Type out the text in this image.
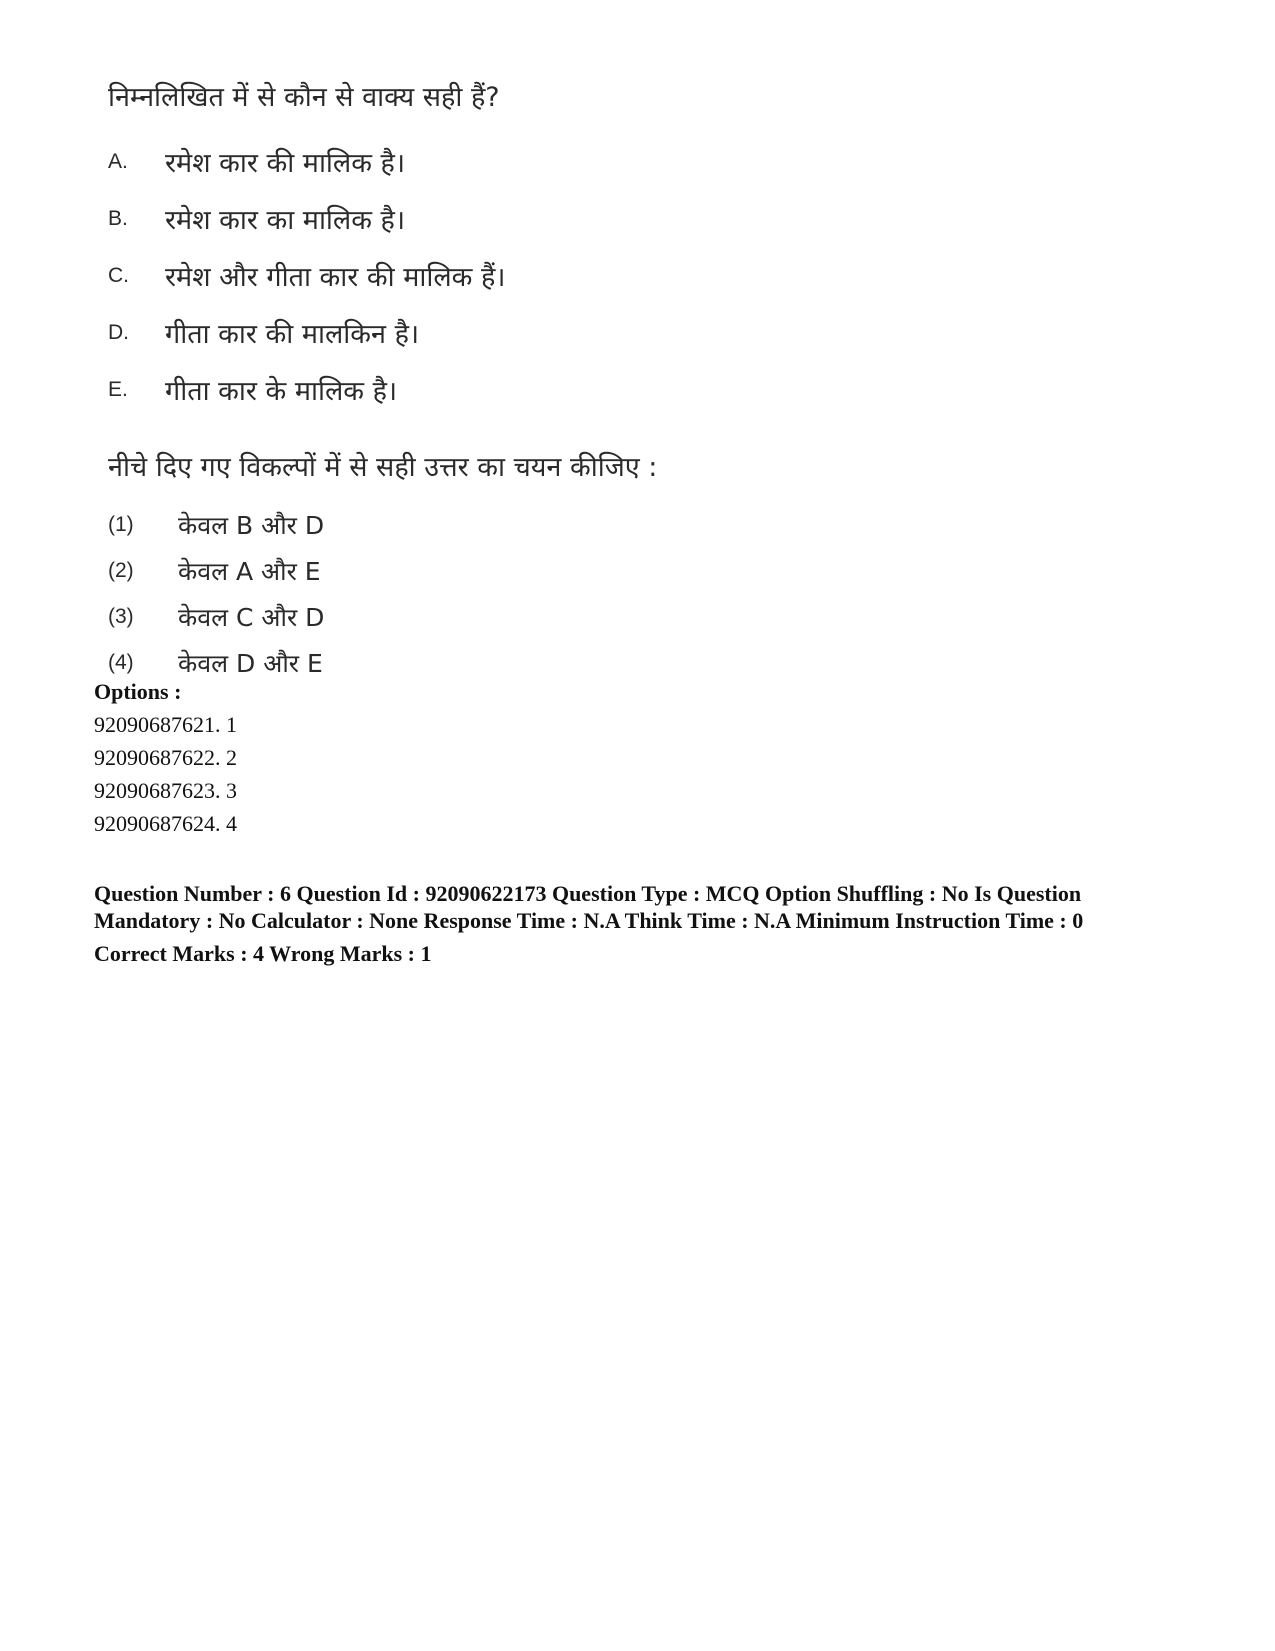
निम्नलिखित में से कौन से वाक्य सही हैं?

A.	रमेश कार की मालिक है।
B.	रमेश कार का मालिक है।
C.	रमेश और गीता कार की मालिक हैं।
D.	गीता कार की मालकिन है।
E.	गीता कार के मालिक है।

नीचे दिए गए विकल्पों में से सही उत्तर का चयन कीजिए :

(1)	केवल B और D
(2)	केवल A और E
(3)	केवल C और D
(4)	केवल D और E
Options :
92090687621. 1
92090687622. 2
92090687623. 3
92090687624. 4
Question Number : 6 Question Id : 92090622173 Question Type : MCQ Option Shuffling : No Is Question Mandatory : No Calculator : None Response Time : N.A Think Time : N.A Minimum Instruction Time : 0
Correct Marks : 4 Wrong Marks : 1
